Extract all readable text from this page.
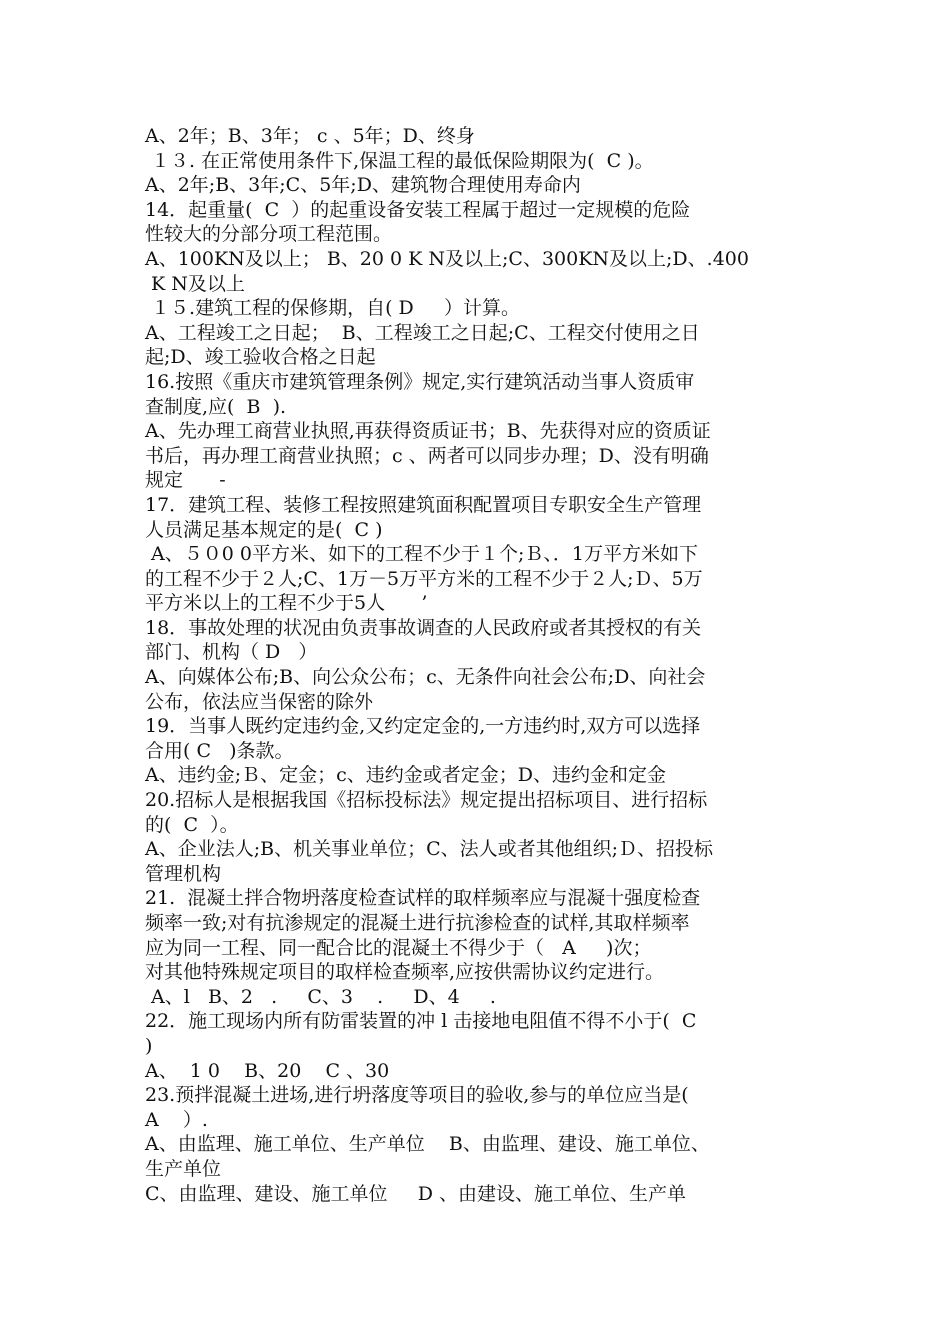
A、2年；B、3年； c 、5年；D、终身
１３. 在正常使用条件下,保温工程的最低保险期限为(  C )。
A、2年;B、3年;C、5年;D、建筑物合理使用寿命内
14．起重量(  C  ）的起重设备安装工程属于超过一定规模的危险
性较大的分部分项工程范围。
A、100KN及以上； B、20 0 K N及以上;C、300KN及以上;D、.400
K N及以上
１５.建筑工程的保修期，自( D     ）计算。
A、工程竣工之日起；  B、工程竣工之日起;C、工程交付使用之日
起;D、竣工验收合格之日起
16.按照《重庆市建筑管理条例》规定,实行建筑活动当事人资质审
查制度,应(  B  ).
A、先办理工商营业执照,再获得资质证书；B、先获得对应的资质证
书后，再办理工商营业执照；c 、两者可以同步办理；D、没有明确
规定      -
17．建筑工程、装修工程按照建筑面积配置项目专职安全生产管理
人员满足基本规定的是(  C )
A、５０0 0平方米、如下的工程不少于１个;Ｂ、．1万平方米如下
的工程不少于２人;C、1万－5万平方米的工程不少于２人;Ｄ、5万
平方米以上的工程不少于5人      ’
18．事故处理的状况由负责事故调查的人民政府或者其授权的有关
部门、机构（ D   ）
A、向媒体公布;B、向公众公布；c、无条件向社会公布;D、向社会
公布，依法应当保密的除外
19．当事人既约定违约金,又约定定金的,一方违约时,双方可以选择
合用( C   )条款。
A、违约金;Ｂ、定金；c、违约金或者定金；D、违约金和定金
20.招标人是根据我国《招标投标法》规定提出招标项目、进行招标
的(  C  ）。
A、企业法人;B、机关事业单位；C、法人或者其他组织;Ｄ、招投标
管理机构
21.  混凝土拌合物坍落度检查试样的取样频率应与混凝十强度检查
频率一致;对有抗渗规定的混凝土进行抗渗检查的试样,其取样频率
应为同一工程、同一配合比的混凝土不得少于（   A     )次；
对其他特殊规定项目的取样检查频率,应按供需协议约定进行。
A、l   B、2   .     C、3    .     D、4     .
22．施工现场内所有防雷装置的冲 l 击接地电阻值不得不小于(  C
)
A、  1 0    B、20    C 、30
23.预拌混凝土进场,进行坍落度等项目的验收,参与的单位应当是(
A    ）.
A、由监理、施工单位、生产单位    B、由监理、建设、施工单位、
生产单位
C、由监理、建设、施工单位     D 、由建设、施工单位、生产单
